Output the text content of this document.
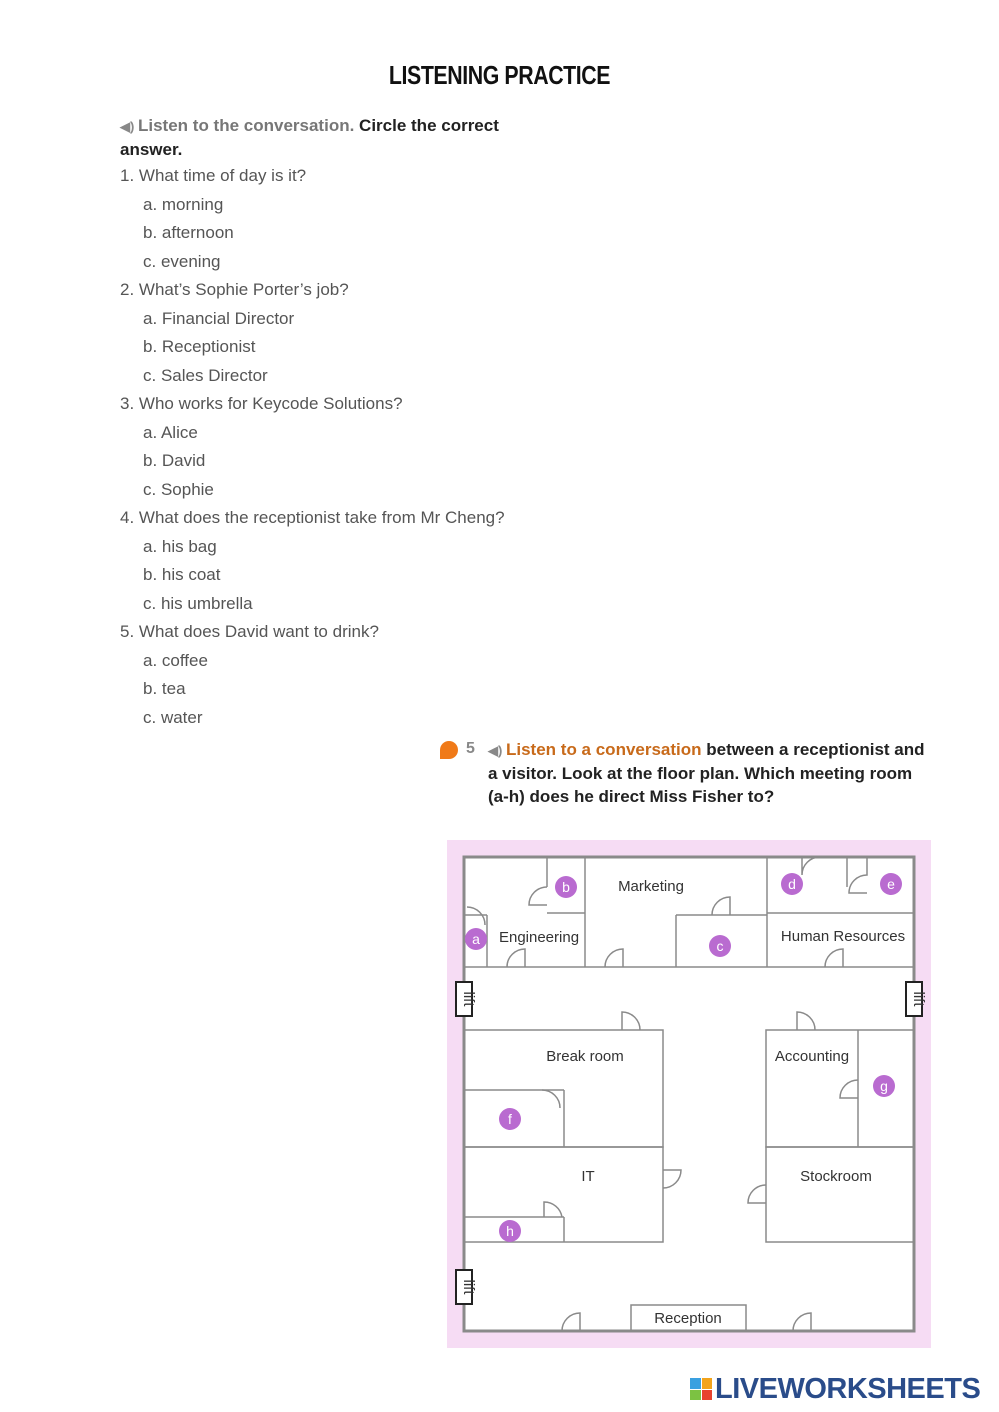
LISTENING PRACTICE
◀) Listen to the conversation. Circle the correct answer.
1. What time of day is it?
a. morning
b. afternoon
c. evening
2. What’s Sophie Porter’s job?
a. Financial Director
b. Receptionist
c. Sales Director
3. Who works for Keycode Solutions?
a. Alice
b. David
c. Sophie
4. What does the receptionist take from Mr Cheng?
a. his bag
b. his coat
c. his umbrella
5. What does David want to drink?
a. coffee
b. tea
c. water
5 ◀) Listen to a conversation between a receptionist and a visitor. Look at the floor plan. Which meeting room (a-h) does he direct Miss Fisher to?
lift	lift
lift
Marketing
Engineering	Human Resources
Break room	Accounting
IT	Stockroom
Reception
a
b
c
d	e
f
g
h
LIVEWORKSHEETS
